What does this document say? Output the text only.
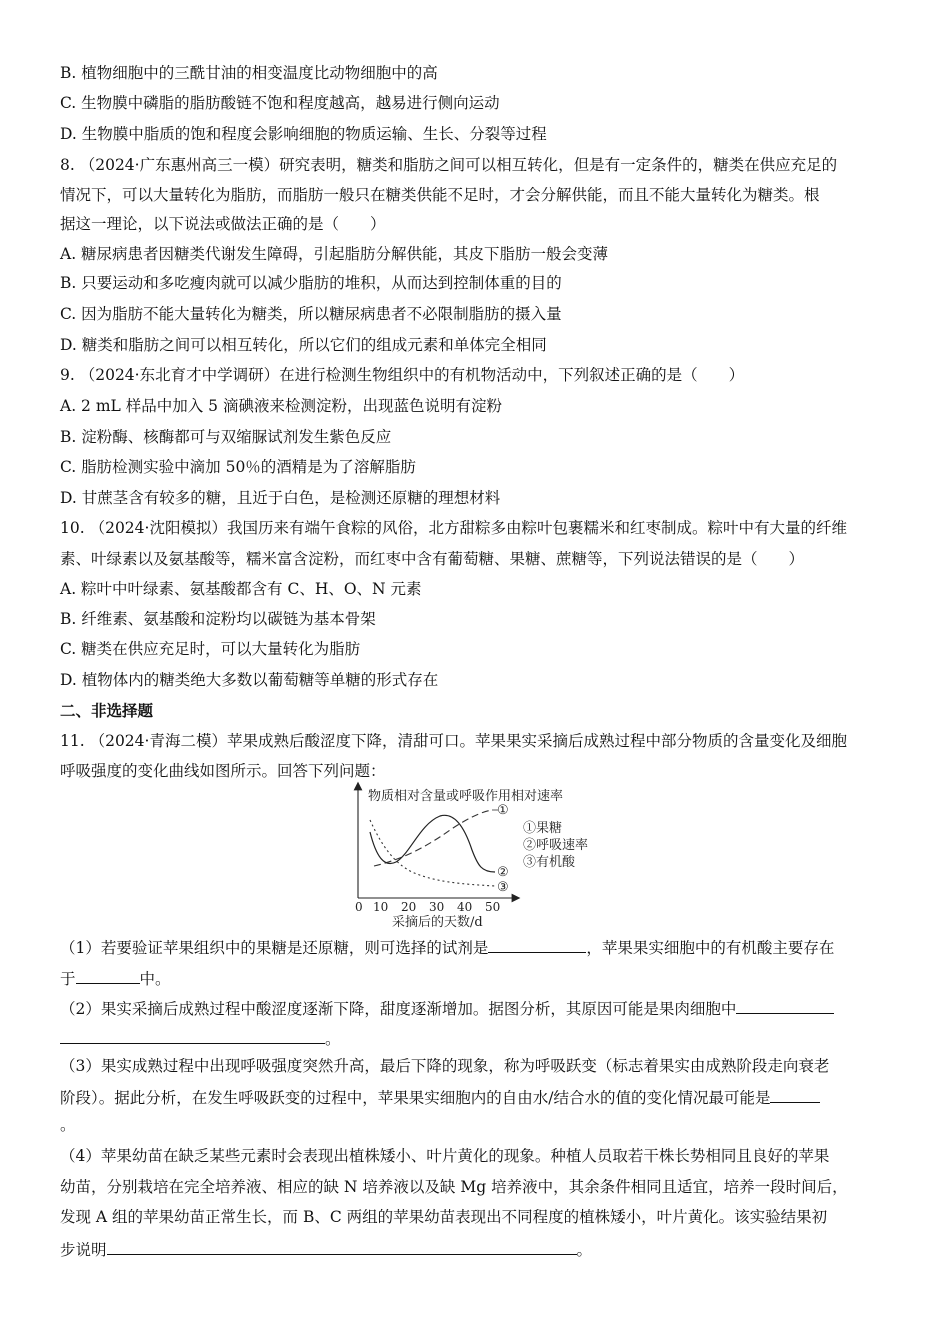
B. 植物细胞中的三酰甘油的相变温度比动物细胞中的高
C. 生物膜中磷脂的脂肪酸链不饱和程度越高，越易进行侧向运动
D. 生物膜中脂质的饱和程度会影响细胞的物质运输、生长、分裂等过程
8. （2024·广东惠州高三一模）研究表明，糖类和脂肪之间可以相互转化，但是有一定条件的，糖类在供应充足的
情况下，可以大量转化为脂肪，而脂肪一般只在糖类供能不足时，才会分解供能，而且不能大量转化为糖类。根
据这一理论，以下说法或做法正确的是（　　）
A. 糖尿病患者因糖类代谢发生障碍，引起脂肪分解供能，其皮下脂肪一般会变薄
B. 只要运动和多吃瘦肉就可以减少脂肪的堆积，从而达到控制体重的目的
C. 因为脂肪不能大量转化为糖类，所以糖尿病患者不必限制脂肪的摄入量
D. 糖类和脂肪之间可以相互转化，所以它们的组成元素和单体完全相同
9. （2024·东北育才中学调研）在进行检测生物组织中的有机物活动中，下列叙述正确的是（　　）
A. 2 mL 样品中加入 5 滴碘液来检测淀粉，出现蓝色说明有淀粉
B. 淀粉酶、核酶都可与双缩脲试剂发生紫色反应
C. 脂肪检测实验中滴加 50％的酒精是为了溶解脂肪
D. 甘蔗茎含有较多的糖，且近于白色，是检测还原糖的理想材料
10. （2024·沈阳模拟）我国历来有端午食粽的风俗，北方甜粽多由粽叶包裹糯米和红枣制成。粽叶中有大量的纤维
素、叶绿素以及氨基酸等，糯米富含淀粉，而红枣中含有葡萄糖、果糖、蔗糖等，下列说法错误的是（　　）
A. 粽叶中叶绿素、氨基酸都含有 C、H、O、N 元素
B. 纤维素、氨基酸和淀粉均以碳链为基本骨架
C. 糖类在供应充足时，可以大量转化为脂肪
D. 植物体内的糖类绝大多数以葡萄糖等单糖的形式存在
二、非选择题
11. （2024·青海二模）苹果成熟后酸涩度下降，清甜可口。苹果果实采摘后成熟过程中部分物质的含量变化及细胞
呼吸强度的变化曲线如图所示。回答下列问题：
物质相对含量或呼吸作用相对速率
①
②
③
①果糖
②呼吸速率
③有机酸
0 10 20 30 40 50
采摘后的天数/d
（1）若要验证苹果组织中的果糖是还原糖，则可选择的试剂是	，苹果果实细胞中的有机酸主要存在
于	中。
（2）果实采摘后成熟过程中酸涩度逐渐下降，甜度逐渐增加。据图分析，其原因可能是果肉细胞中
。
（3）果实成熟过程中出现呼吸强度突然升高，最后下降的现象，称为呼吸跃变（标志着果实由成熟阶段走向衰老
阶段）。据此分析，在发生呼吸跃变的过程中，苹果果实细胞内的自由水/结合水的值的变化情况最可能是
。
（4）苹果幼苗在缺乏某些元素时会表现出植株矮小、叶片黄化的现象。种植人员取若干株长势相同且良好的苹果
幼苗，分别栽培在完全培养液、相应的缺 N 培养液以及缺 Mg 培养液中，其余条件相同且适宜，培养一段时间后，
发现 A 组的苹果幼苗正常生长，而 B、C 两组的苹果幼苗表现出不同程度的植株矮小，叶片黄化。该实验结果初
步说明	。
